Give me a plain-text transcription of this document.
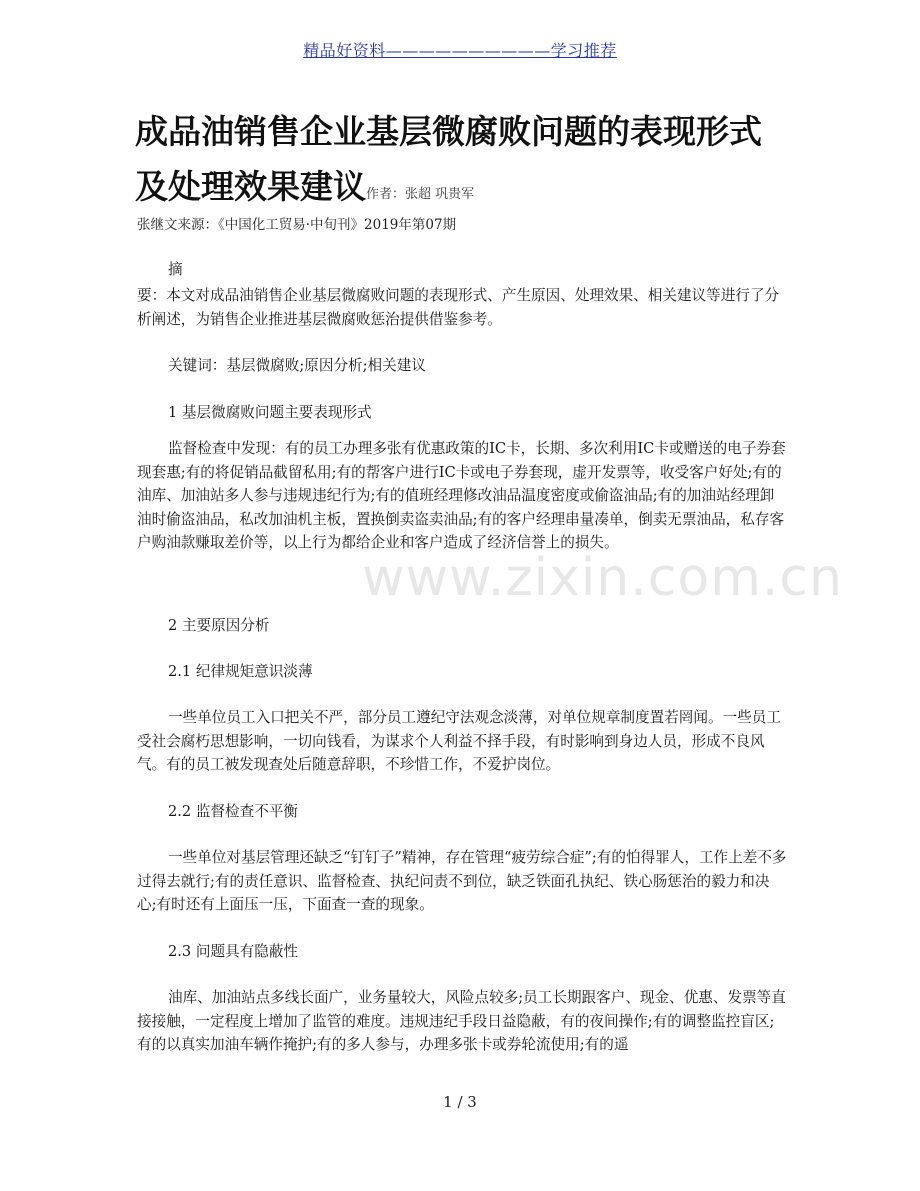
精品好资料——————————学习推荐
成品油销售企业基层微腐败问题的表现形式
及处理效果建议作者：张超 巩贵军
张继文来源：《中国化工贸易·中旬刊》2019年第07期
摘
要：本文对成品油销售企业基层微腐败问题的表现形式、产生原因、处理效果、相关建议等进行了分析阐述，为销售企业推进基层微腐败惩治提供借鉴参考。
关键词：基层微腐败;原因分析;相关建议
1 基层微腐败问题主要表现形式

监督检查中发现：有的员工办理多张有优惠政策的IC卡，长期、多次利用IC卡或赠送的电子券套现套惠;有的将促销品截留私用;有的帮客户进行IC卡或电子券套现，虚开发票等，收受客户好处;有的油库、加油站多人参与违规违纪行为;有的值班经理修改油品温度密度或偷盗油品;有的加油站经理卸油时偷盗油品，私改加油机主板，置换倒卖盗卖油品;有的客户经理串量凑单，倒卖无票油品，私存客户购油款赚取差价等，以上行为都给企业和客户造成了经济信誉上的损失。

www.zixin.com.cn
2 主要原因分析
2.1 纪律规矩意识淡薄

一些单位员工入口把关不严，部分员工遵纪守法观念淡薄，对单位规章制度置若罔闻。一些员工受社会腐朽思想影响，一切向钱看，为谋求个人利益不择手段，有时影响到身边人员，形成不良风气。有的员工被发现查处后随意辞职，不珍惜工作，不爱护岗位。

2.2 监督检查不平衡

一些单位对基层管理还缺乏“钉钉子”精神，存在管理“疲劳综合症”;有的怕得罪人，工作上差不多过得去就行;有的责任意识、监督检查、执纪问责不到位，缺乏铁面孔执纪、铁心肠惩治的毅力和决心;有时还有上面压一压，下面查一查的现象。

2.3 问题具有隐蔽性

油库、加油站点多线长面广，业务量较大，风险点较多;员工长期跟客户、现金、优惠、发票等直接接触，一定程度上增加了监管的难度。违规违纪手段日益隐蔽，有的夜间操作;有的调整监控盲区;有的以真实加油车辆作掩护;有的多人参与，办理多张卡或券轮流使用;有的遥

1 / 3
